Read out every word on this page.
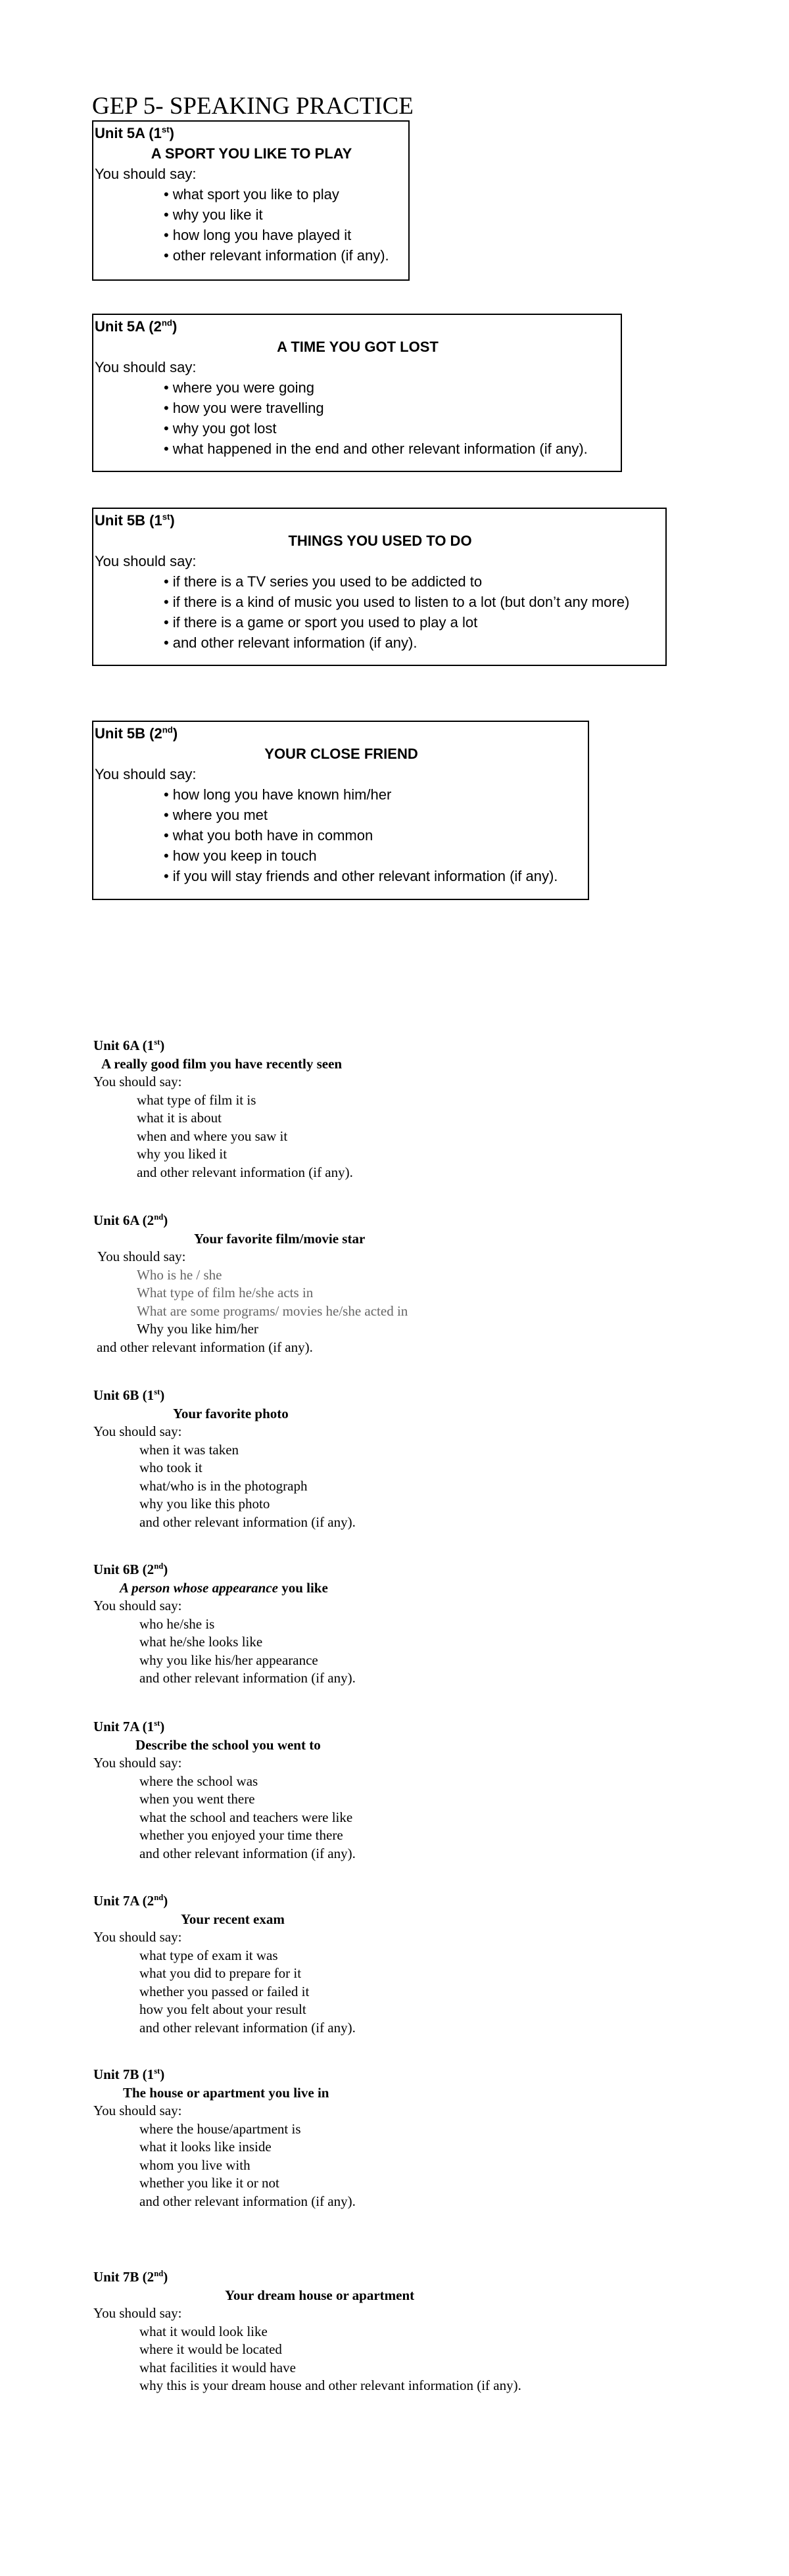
GEP 5- SPEAKING PRACTICE
Unit 5A (1st)
A SPORT YOU LIKE TO PLAY
You should say:
• what sport you like to play
• why you like it
• how long you have played it
• other relevant information (if any).
Unit 5A (2nd)
A TIME YOU GOT LOST
You should say:
• where you were going
• how you were travelling
• why you got lost
• what happened in the end and other relevant information (if any).
Unit 5B (1st)
THINGS YOU USED TO DO
You should say:
• if there is a TV series you used to be addicted to
• if there is a kind of music you used to listen to a lot (but don’t any more)
• if there is a game or sport you used to play a lot
• and other relevant information (if any).
Unit 5B (2nd)
YOUR CLOSE FRIEND
You should say:
• how long you have known him/her
• where you met
• what you both have in common
• how you keep in touch
• if you will stay friends and other relevant information (if any).
Unit 6A (1st)
A really good film you have recently seen
You should say:
what type of film it is
what it is about
when and where you saw it
why you liked it
and other relevant information (if any).
Unit 6A (2nd)
Your favorite film/movie star
You should say:
Who is he / she
What type of film he/she acts in
What are some programs/ movies he/she acted in
Why you like him/her
and other relevant information (if any).
Unit 6B (1st)
Your favorite photo
You should say:
when it was taken
who took it
what/who is in the photograph
why you like this photo
and other relevant information (if any).
Unit 6B (2nd)
A person whose appearance you like
You should say:
who he/she is
what he/she looks like
why you like his/her appearance
and other relevant information (if any).
Unit 7A (1st)
Describe the school you went to
You should say:
where the school was
when you went there
what the school and teachers were like
whether you enjoyed your time there
and other relevant information (if any).
Unit 7A (2nd)
Your recent exam
You should say:
what type of exam it was
what you did to prepare for it
whether you passed or failed it
how you felt about your result
and other relevant information (if any).
Unit 7B (1st)
The house or apartment you live in
You should say:
where the house/apartment is
what it looks like inside
whom you live with
whether you like it or not
and other relevant information (if any).
Unit 7B (2nd)
Your dream house or apartment
You should say:
what it would look like
where it would be located
what facilities it would have
why this is your dream house and other relevant information (if any).
